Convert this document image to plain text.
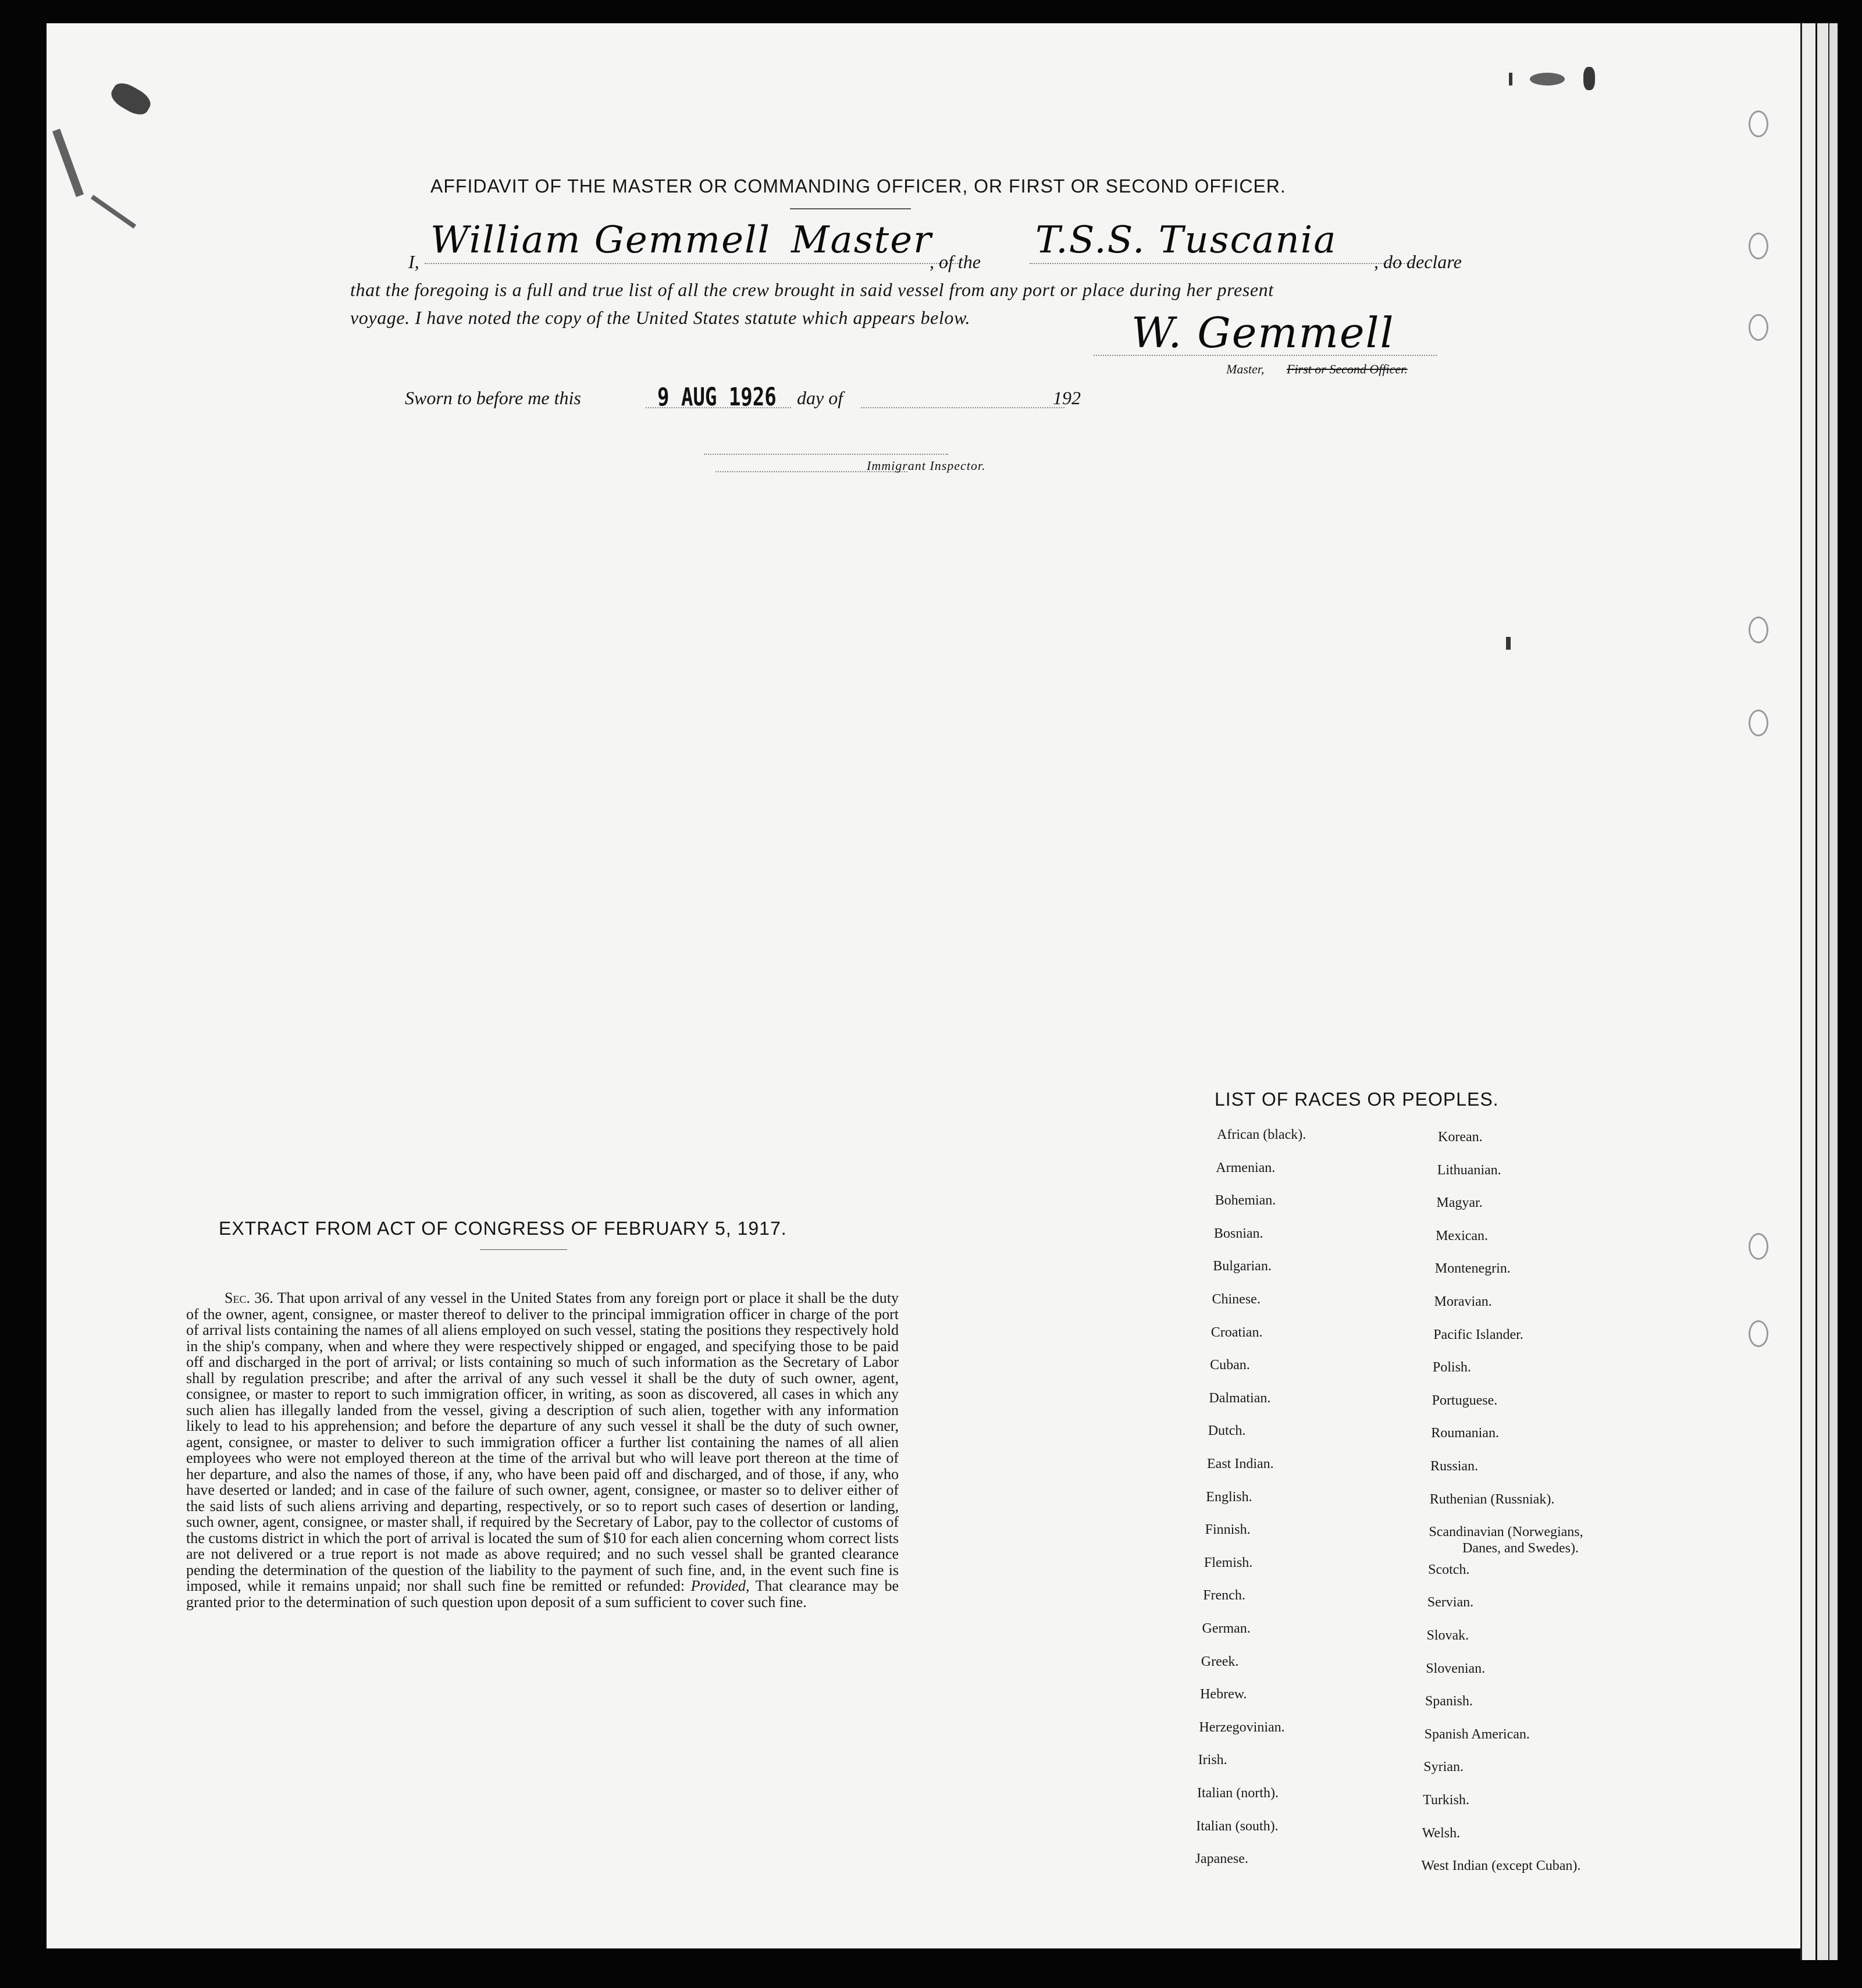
AFFIDAVIT OF THE MASTER OR COMMANDING OFFICER, OR FIRST OR SECOND OFFICER.
I, William Gemmell Master
, of the T.S.S. Tuscania , do declare
that the foregoing is a full and true list of all the crew brought in said vessel from any port or place during her present
voyage. I have noted the copy of the United States statute which appears below.	W. Gemmell
Master, First or Second Officer.
Sworn to before me this	9 AUG 1926 day of	192
Immigrant Inspector.
EXTRACT FROM ACT OF CONGRESS OF FEBRUARY 5, 1917.
Sec. 36. That upon arrival of any vessel in the United States from any foreign port or place it shall be the duty of the owner, agent, consignee, or master thereof to deliver to the principal immigration officer in charge of the port of arrival lists containing the names of all aliens employed on such vessel, stating the positions they respectively hold in the ship's company, when and where they were respectively shipped or engaged, and specifying those to be paid off and discharged in the port of arrival; or lists containing so much of such information as the Secretary of Labor shall by regulation prescribe; and after the arrival of any such vessel it shall be the duty of such owner, agent, consignee, or master to report to such immigration officer, in writing, as soon as discovered, all cases in which any such alien has illegally landed from the vessel, giving a description of such alien, together with any information likely to lead to his apprehension; and before the departure of any such vessel it shall be the duty of such owner, agent, consignee, or master to deliver to such immigration officer a further list containing the names of all alien employees who were not employed thereon at the time of the arrival but who will leave port thereon at the time of her departure, and also the names of those, if any, who have been paid off and discharged, and of those, if any, who have deserted or landed; and in case of the failure of such owner, agent, consignee, or master so to deliver either of the said lists of such aliens arriving and departing, respectively, or so to report such cases of desertion or landing, such owner, agent, consignee, or master shall, if required by the Secretary of Labor, pay to the collector of customs of the customs district in which the port of arrival is located the sum of $10 for each alien concerning whom correct lists are not delivered or a true report is not made as above required; and no such vessel shall be granted clearance pending the determination of the question of the liability to the payment of such fine, and, in the event such fine is imposed, while it remains unpaid; nor shall such fine be remitted or refunded: Provided, That clearance may be granted prior to the determination of such question upon deposit of a sum sufficient to cover such fine.
LIST OF RACES OR PEOPLES.
African (black).
Armenian.
Bohemian.
Bosnian.
Bulgarian.
Chinese.
Croatian.
Cuban.
Dalmatian.
Dutch.
East Indian.
English.
Finnish.
Flemish.
French.
German.
Greek.
Hebrew.
Herzegovinian.
Irish.
Italian (north).
Italian (south).
Japanese.
Korean.
Lithuanian.
Magyar.
Mexican.
Montenegrin.
Moravian.
Pacific Islander.
Polish.
Portuguese.
Roumanian.
Russian.
Ruthenian (Russniak).
Scandinavian (Norwegians,
Danes, and Swedes).
Scotch.
Servian.
Slovak.
Slovenian.
Spanish.
Spanish American.
Syrian.
Turkish.
Welsh.
West Indian (except Cuban).
